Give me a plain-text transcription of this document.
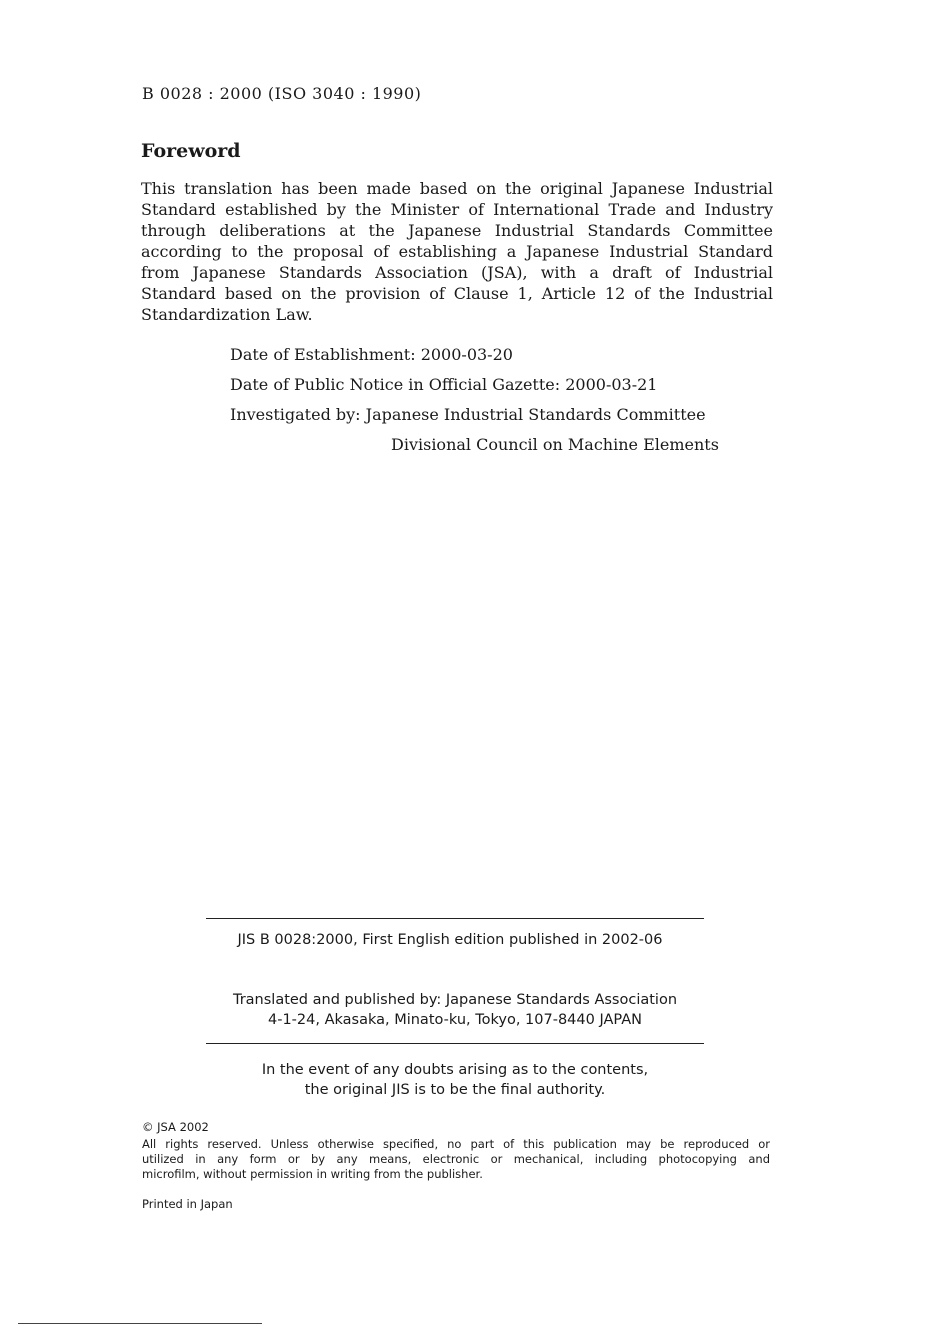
B 0028 : 2000 (ISO 3040 : 1990)
Foreword
This translation has been made based on the original Japanese Industrial
Standard established by the Minister of International Trade and Industry
through deliberations at the Japanese Industrial Standards Committee
according to the proposal of establishing a Japanese Industrial Standard
from Japanese Standards Association (JSA), with a draft of Industrial
Standard based on the provision of Clause 1, Article 12 of the Industrial
Standardization Law.
Date of Establishment: 2000-03-20
Date of Public Notice in Official Gazette: 2000-03-21
Investigated by: Japanese Industrial Standards Committee
Divisional Council on Machine Elements
JIS B 0028:2000, First English edition published in 2002-06
Translated and published by: Japanese Standards Association
4-1-24, Akasaka, Minato-ku, Tokyo, 107-8440 JAPAN
In the event of any doubts arising as to the contents,
the original JIS is to be the final authority.
© JSA 2002
All rights reserved. Unless otherwise specified, no part of this publication may be reproduced or
utilized in any form or by any means, electronic or mechanical, including photocopying and
microfilm, without permission in writing from the publisher.
Printed in Japan
